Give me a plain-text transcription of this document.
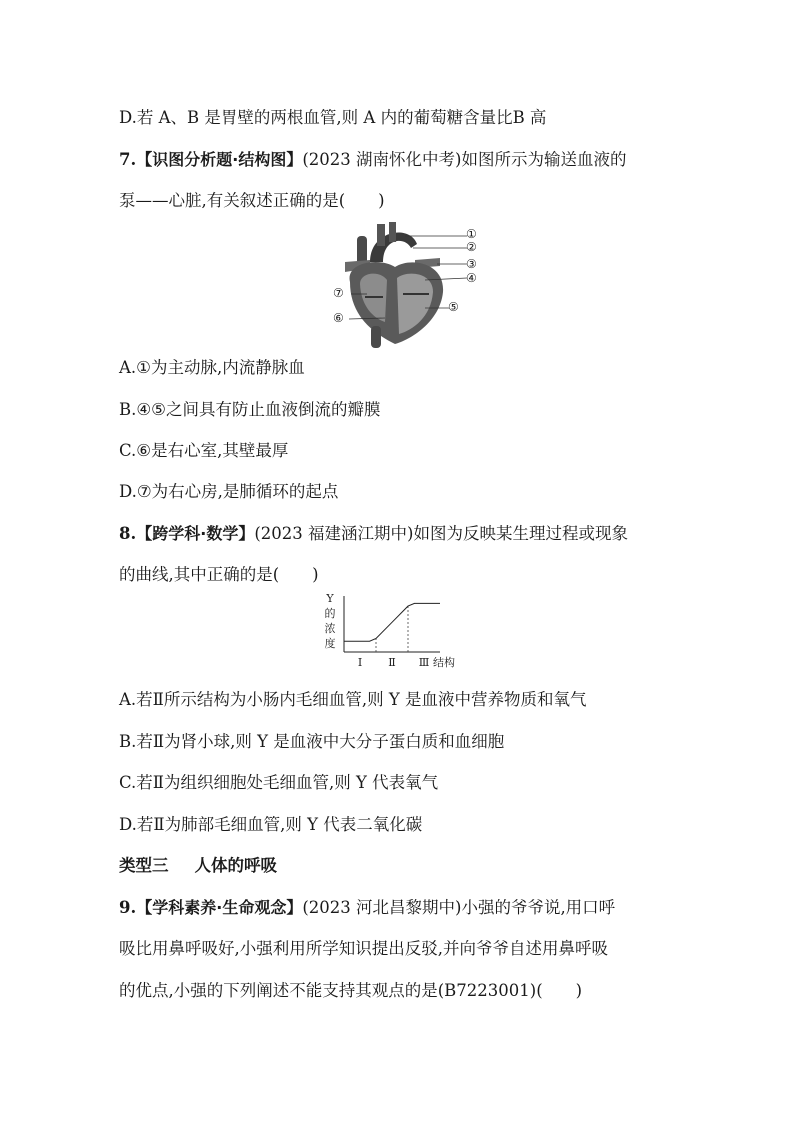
D.若 A、B 是胃壁的两根血管,则 A 内的葡萄糖含量比B 高
7.【识图分析题·结构图】(2023 湖南怀化中考)如图所示为输送血液的
泵——心脏,有关叙述正确的是(　　)
①
②
③
④
⑤
⑥
⑦
A.①为主动脉,内流静脉血
B.④⑤之间具有防止血液倒流的瓣膜
C.⑥是右心室,其壁最厚
D.⑦为右心房,是肺循环的起点
8.【跨学科·数学】(2023 福建涵江期中)如图为反映某生理过程或现象
的曲线,其中正确的是(　　)
Y
的
浓
度
Ⅰ Ⅱ Ⅲ 结构
A.若Ⅱ所示结构为小肠内毛细血管,则 Y 是血液中营养物质和氧气
B.若Ⅱ为肾小球,则 Y 是血液中大分子蛋白质和血细胞
C.若Ⅱ为组织细胞处毛细血管,则 Y 代表氧气
D.若Ⅱ为肺部毛细血管,则 Y 代表二氧化碳
类型三 人体的呼吸
9.【学科素养·生命观念】(2023 河北昌黎期中)小强的爷爷说,用口呼
吸比用鼻呼吸好,小强利用所学知识提出反驳,并向爷爷自述用鼻呼吸
的优点,小强的下列阐述不能支持其观点的是(B7223001)(　　)
